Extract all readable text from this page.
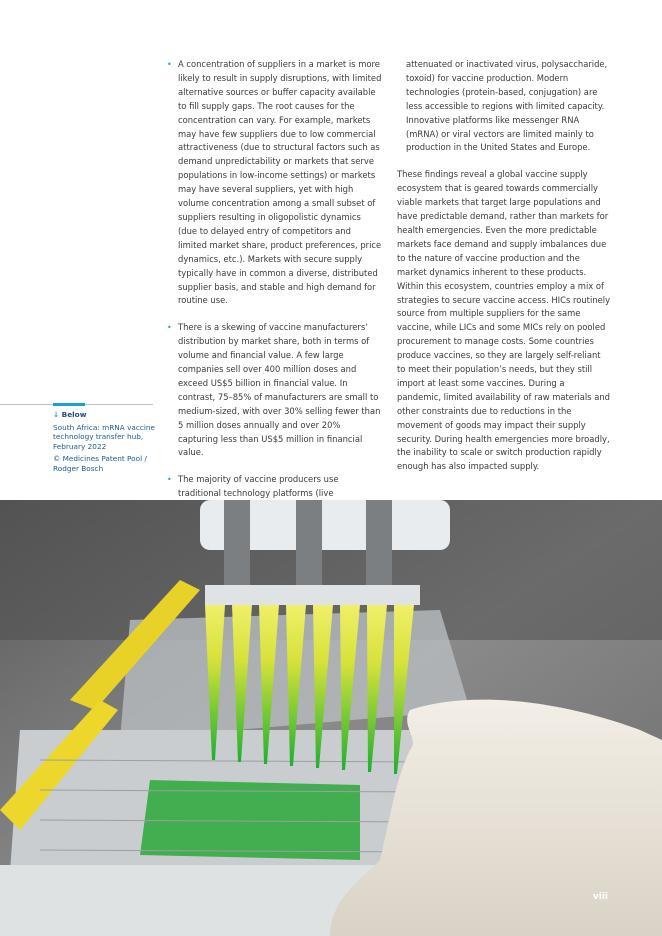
• A concentration of suppliers in a market is more likely to result in supply disruptions, with limited alternative sources or buffer capacity available to fill supply gaps. The root causes for the concentration can vary. For example, markets may have few suppliers due to low commercial attractiveness (due to structural factors such as demand unpredictability or markets that serve populations in low-income settings) or markets may have several suppliers, yet with high volume concentration among a small subset of suppliers resulting in oligopolistic dynamics (due to delayed entry of competitors and limited market share, product preferences, price dynamics, etc.). Markets with secure supply typically have in common a diverse, distributed supplier basis, and stable and high demand for routine use.
• There is a skewing of vaccine manufacturers’ distribution by market share, both in terms of volume and financial value. A few large companies sell over 400 million doses and exceed US$5 billion in financial value. In contrast, 75–85% of manufacturers are small to medium-sized, with over 30% selling fewer than 5 million doses annually and over 20% capturing less than US$5 million in financial value.
• The majority of vaccine producers use traditional technology platforms (live

attenuated or inactivated virus, polysaccharide, toxoid) for vaccine production. Modern technologies (protein-based, conjugation) are less accessible to regions with limited capacity. Innovative platforms like messenger RNA (mRNA) or viral vectors are limited mainly to production in the United States and Europe.

These findings reveal a global vaccine supply ecosystem that is geared towards commercially viable markets that target large populations and have predictable demand, rather than markets for health emergencies. Even the more predictable markets face demand and supply imbalances due to the nature of vaccine production and the market dynamics inherent to these products. Within this ecosystem, countries employ a mix of strategies to secure vaccine access. HICs routinely source from multiple suppliers for the same vaccine, while LICs and some MICs rely on pooled procurement to manage costs. Some countries produce vaccines, so they are largely self-reliant to meet their population’s needs, but they still import at least some vaccines. During a pandemic, limited availability of raw materials and other constraints due to reductions in the movement of goods may impact their supply security. During health emergencies more broadly, the inability to scale or switch production rapidly enough has also impacted supply.

↓ Below

South Africa: mRNA vaccine technology transfer hub, February 2022

© Medicines Patent Pool / Rodger Bosch

viii
